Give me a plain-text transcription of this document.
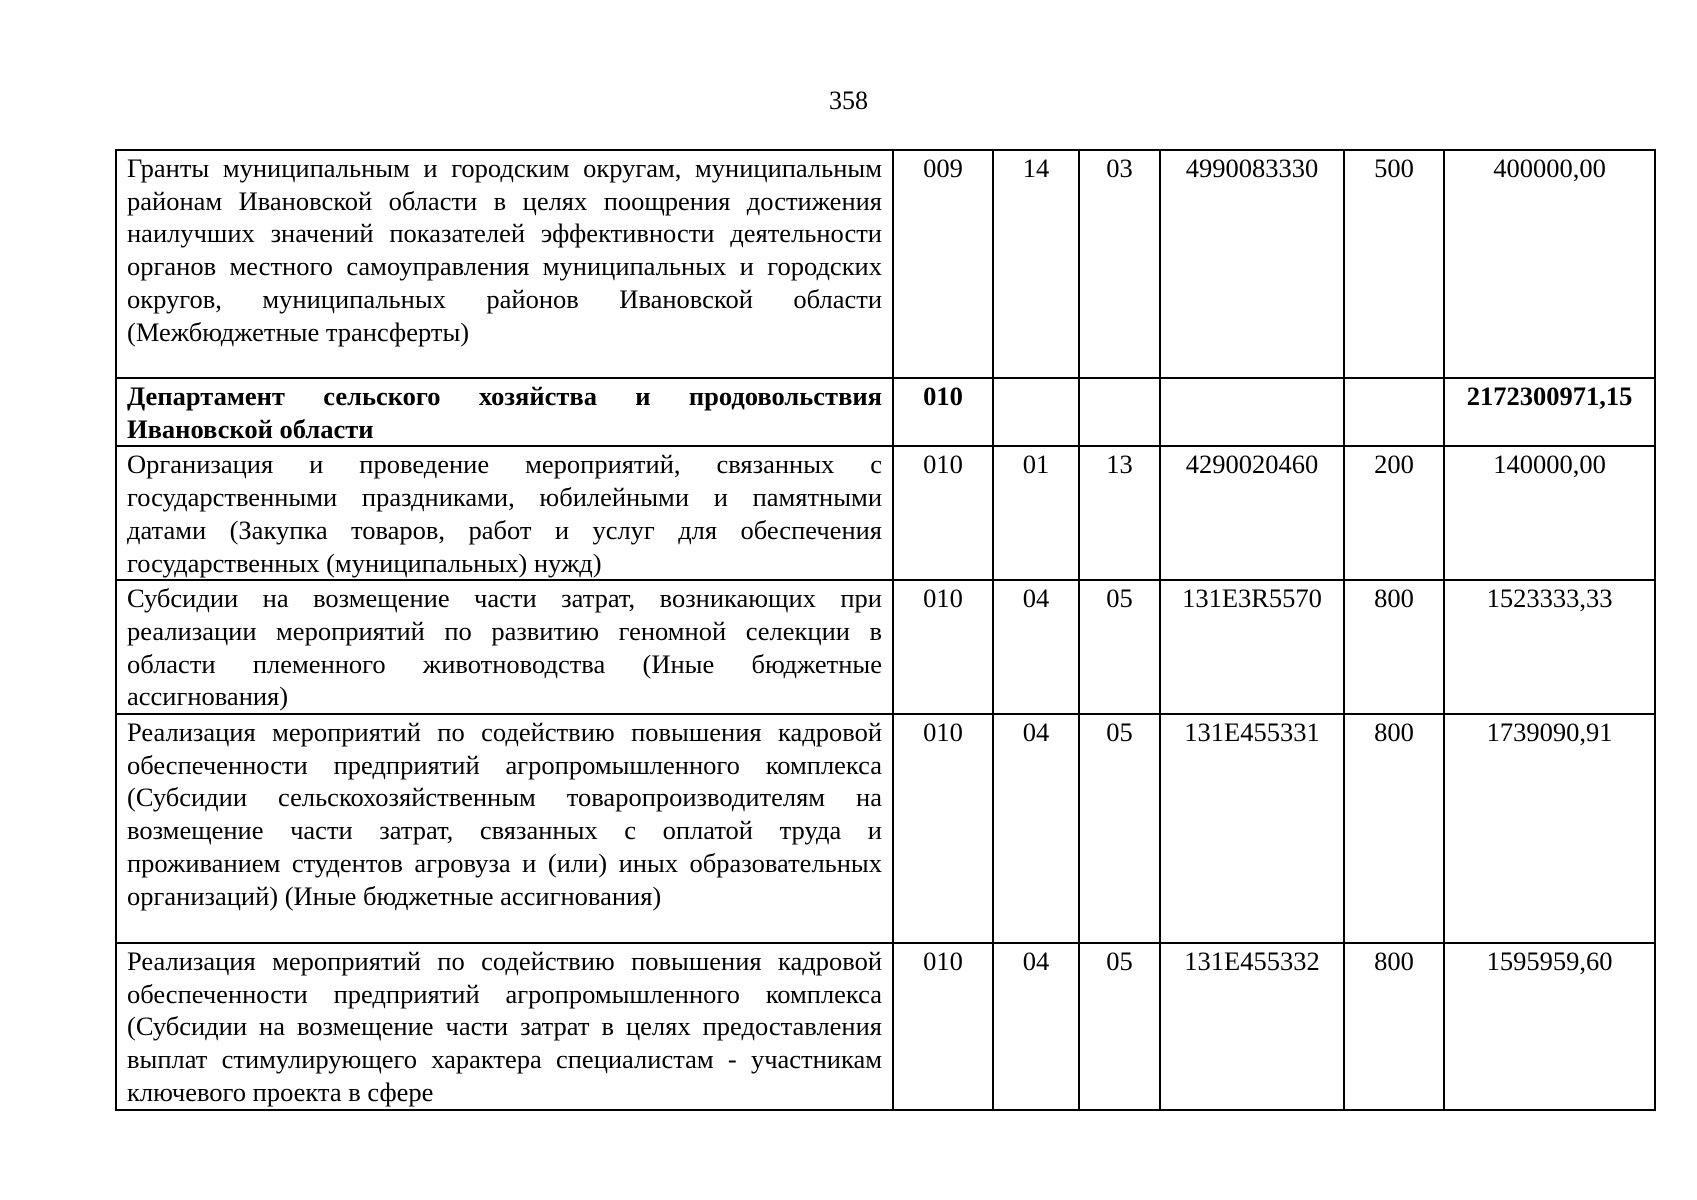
358
Гранты муниципальным и городским округам, муниципальным районам Ивановской области в целях поощрения достижения наилучших значений показателей эффективности деятельности органов местного самоуправления муниципальных и городских округов, муниципальных районов Ивановской области (Межбюджетные трансферты)	009	14	03	4990083330	500	400000,00
Департамент сельского хозяйства и продовольствия Ивановской области	010					2172300971,15
Организация и проведение мероприятий, связанных с государственными праздниками, юбилейными и памятными датами (Закупка товаров, работ и услуг для обеспечения государственных (муниципальных) нужд)	010	01	13	4290020460	200	140000,00
Субсидии на возмещение части затрат, возникающих при реализации мероприятий по развитию геномной селекции в области племенного животноводства (Иные бюджетные ассигнования)	010	04	05	131E3R5570	800	1523333,33
Реализация мероприятий по содействию повышения кадровой обеспеченности предприятий агропромышленного комплекса (Субсидии сельскохозяйственным товаропроизводителям на возмещение части затрат, связанных с оплатой труда и проживанием студентов агровуза и (или) иных образовательных организаций) (Иные бюджетные ассигнования)	010	04	05	131E455331	800	1739090,91
Реализация мероприятий по содействию повышения кадровой обеспеченности предприятий агропромышленного комплекса (Субсидии на возмещение части затрат в целях предоставления выплат стимулирующего характера специалистам - участникам ключевого проекта в сфере	010	04	05	131E455332	800	1595959,60
